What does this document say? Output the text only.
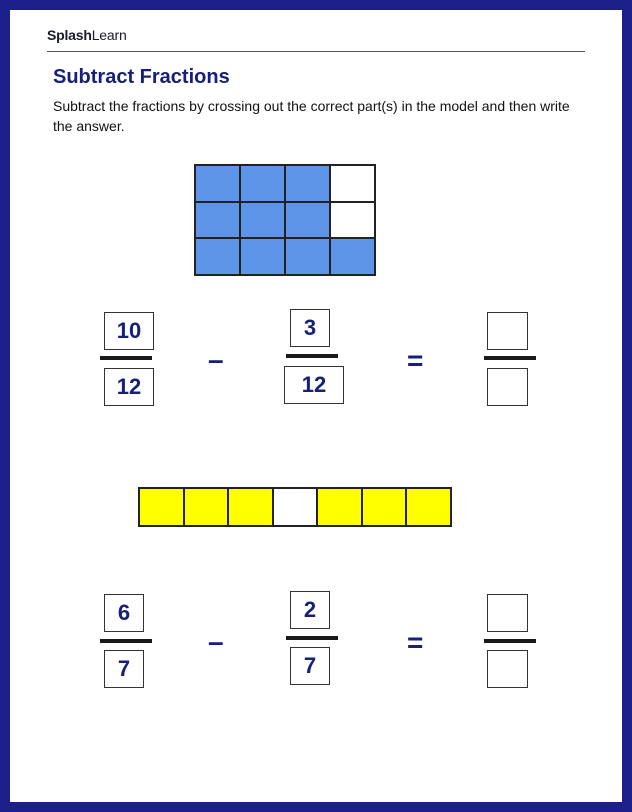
SplashLearn
Subtract Fractions
Subtract the fractions by crossing out the correct part(s) in the model and then write the answer.
10
12
–
3
12
=
6
7
–
2
7
=
